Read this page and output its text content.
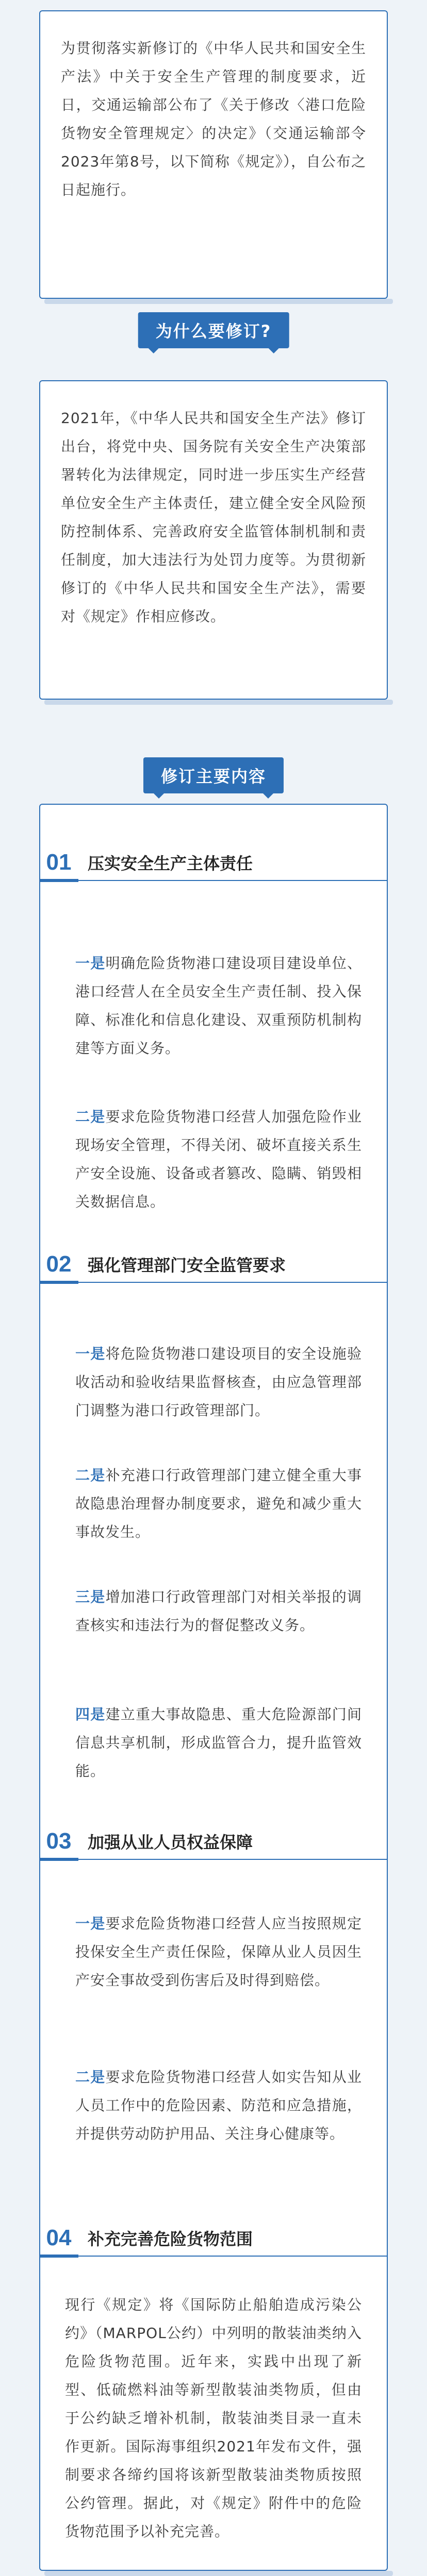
为贯彻落实新修订的《中华人民共和国安全生产法》中关于安全生产管理的制度要求，近日，交通运输部公布了《关于修改〈港口危险货物安全管理规定〉的决定》（交通运输部令2023年第8号，以下简称《规定》），自公布之日起施行。

为什么要修订?

2021年，《中华人民共和国安全生产法》修订出台，将党中央、国务院有关安全生产决策部署转化为法律规定，同时进一步压实生产经营单位安全生产主体责任，建立健全安全风险预防控制体系、完善政府安全监管体制机制和责任制度，加大违法行为处罚力度等。为贯彻新修订的《中华人民共和国安全生产法》，需要对《规定》作相应修改。

修订主要内容
01 压实安全生产主体责任

一是明确危险货物港口建设项目建设单位、港口经营人在全员安全生产责任制、投入保障、标准化和信息化建设、双重预防机制构建等方面义务。

二是要求危险货物港口经营人加强危险作业现场安全管理，不得关闭、破坏直接关系生产安全设施、设备或者篡改、隐瞒、销毁相关数据信息。

02 强化管理部门安全监管要求

一是将危险货物港口建设项目的安全设施验收活动和验收结果监督核查，由应急管理部门调整为港口行政管理部门。

二是补充港口行政管理部门建立健全重大事故隐患治理督办制度要求，避免和减少重大事故发生。

三是增加港口行政管理部门对相关举报的调查核实和违法行为的督促整改义务。

四是建立重大事故隐患、重大危险源部门间信息共享机制，形成监管合力，提升监管效能。

03 加强从业人员权益保障

一是要求危险货物港口经营人应当按照规定投保安全生产责任保险，保障从业人员因生产安全事故受到伤害后及时得到赔偿。

二是要求危险货物港口经营人如实告知从业人员工作中的危险因素、防范和应急措施，并提供劳动防护用品、关注身心健康等。

04 补充完善危险货物范围

现行《规定》将《国际防止船舶造成污染公约》（MARPOL公约）中列明的散装油类纳入危险货物范围。近年来，实践中出现了新型、低硫燃料油等新型散装油类物质，但由于公约缺乏增补机制，散装油类目录一直未作更新。国际海事组织2021年发布文件，强制要求各缔约国将该新型散装油类物质按照公约管理。据此，对《规定》附件中的危险货物范围予以补充完善。
